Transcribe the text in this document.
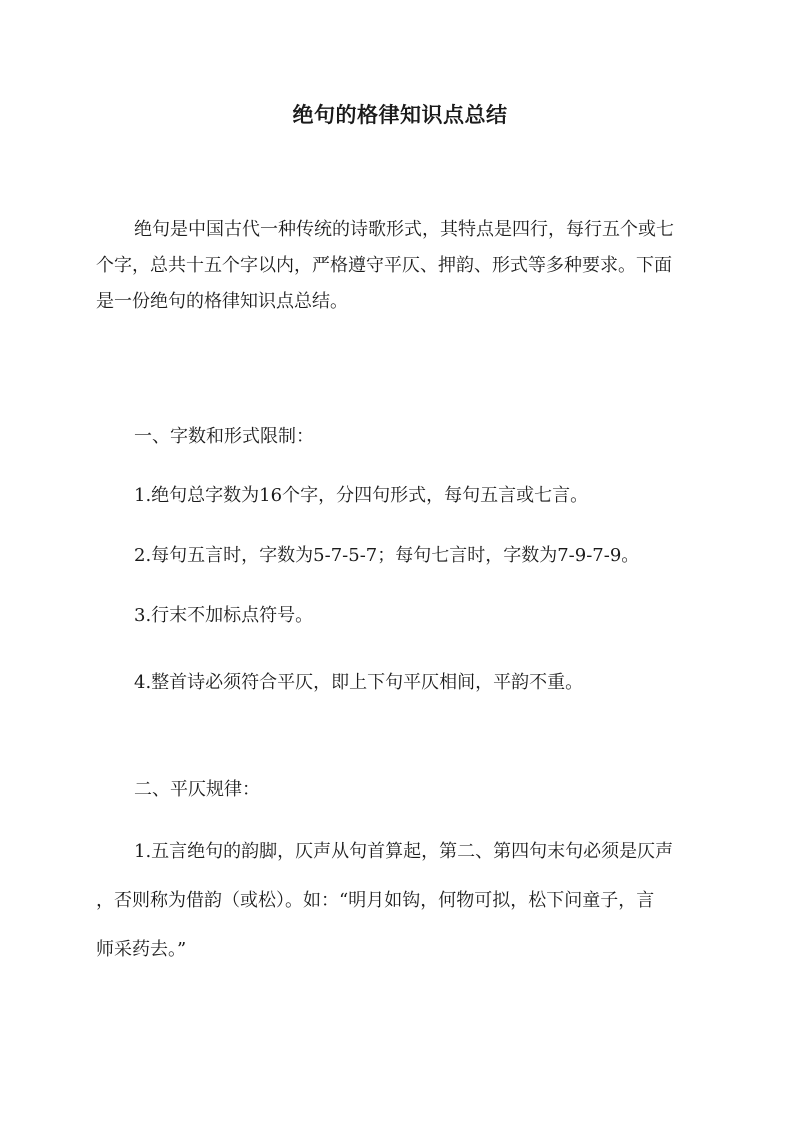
绝句的格律知识点总结

绝句是中国古代一种传统的诗歌形式，其特点是四行，每行五个或七
个字，总共十五个字以内，严格遵守平仄、押韵、形式等多种要求。下面
是一份绝句的格律知识点总结。

一、字数和形式限制：

1.绝句总字数为16个字，分四句形式，每句五言或七言。

2.每句五言时，字数为5-7-5-7；每句七言时，字数为7-9-7-9。

3.行末不加标点符号。

4.整首诗必须符合平仄，即上下句平仄相间，平韵不重。

二、平仄规律：

1.五言绝句的韵脚，仄声从句首算起，第二、第四句末句必须是仄声

，否则称为借韵（或松）。如：“明月如钩，何物可拟，松下问童子，言

师采药去。”
